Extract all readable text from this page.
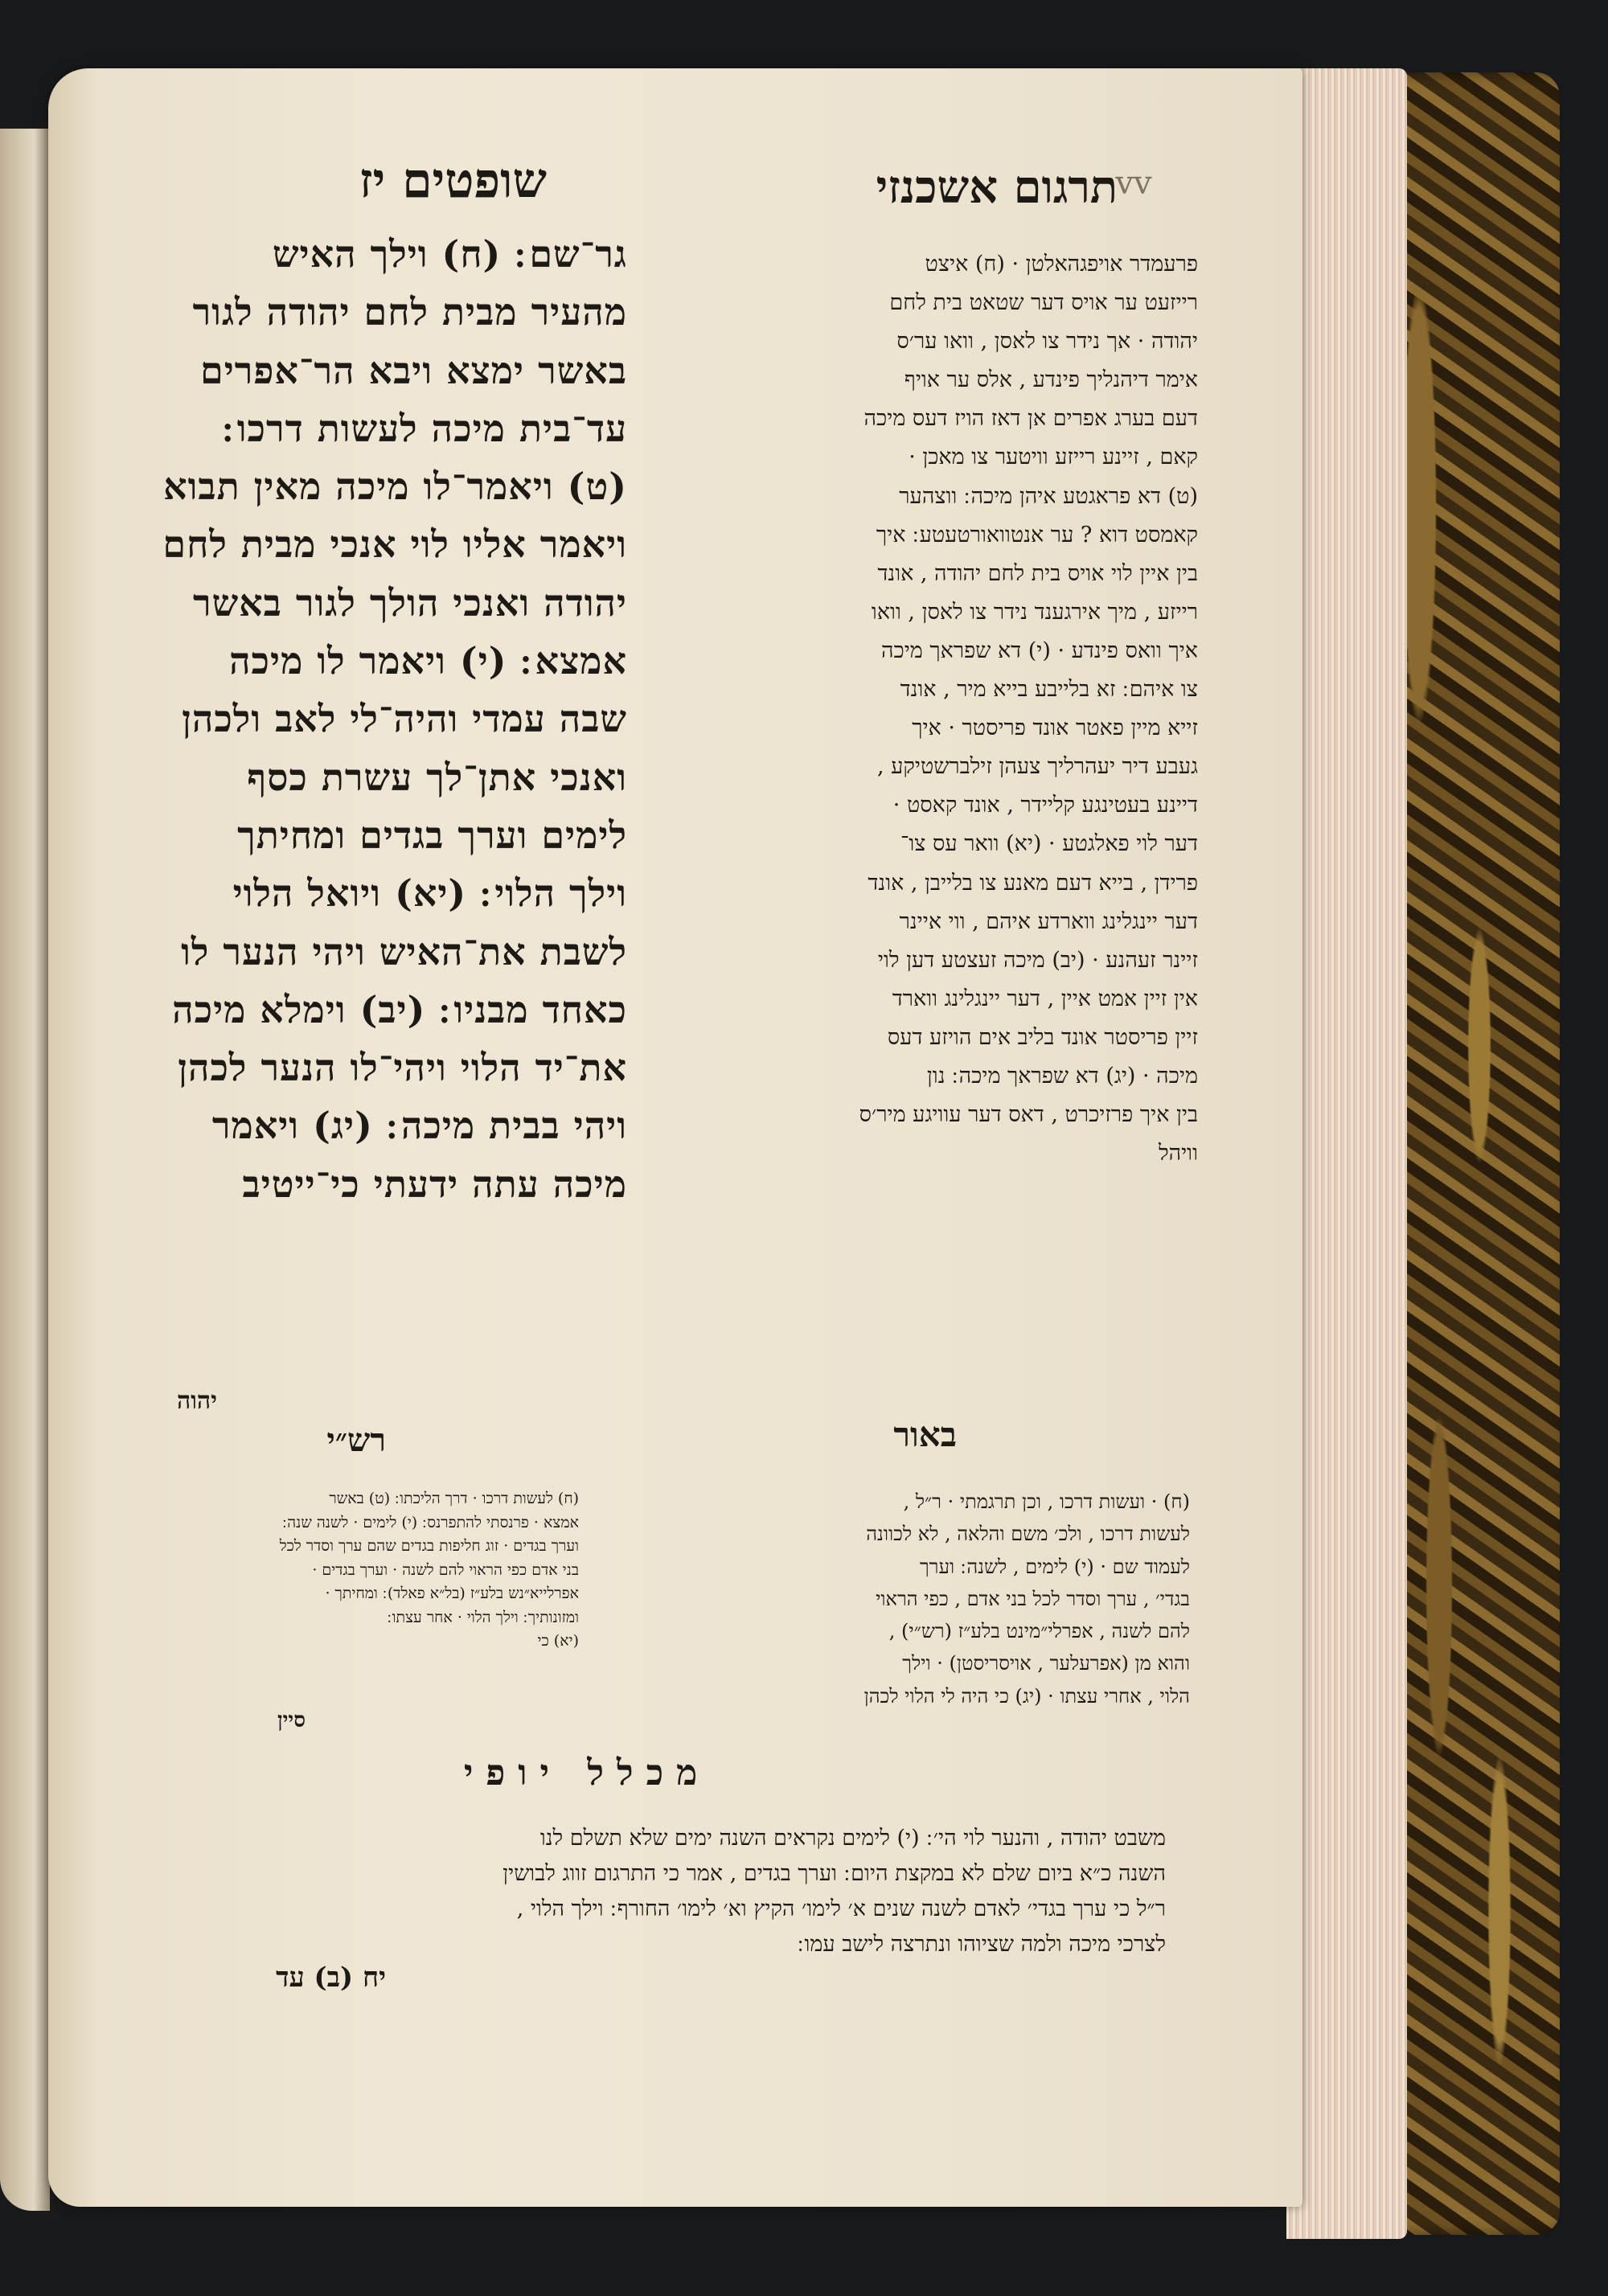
תרגום אשכנזי
שופטים יז	vv
גר־שם ׃ (ח) וילך האיש
מהעיר מבית לחם יהודה לגור
באשר ימצא ויבא הר־אפרים
עד־בית מיכה לעשות דרכו ׃
(ט) ויאמר־לו מיכה מאין תבוא
ויאמר אליו לוי אנכי מבית לחם
יהודה ואנכי הולך לגור באשר
אמצא ׃ (י) ויאמר לו מיכה
שבה עמדי והיה־לי לאב ולכהן
ואנכי אתן־לך עשרת כסף
לימים וערך בגדים ומחיתך
וילך הלוי ׃ (יא) ויואל הלוי
לשבת את־האיש ויהי הנער לו
כאחד מבניו ׃ (יב) וימלא מיכה
את־יד הלוי ויהי־לו הנער לכהן
ויהי בבית מיכה ׃ (יג) ויאמר
מיכה עתה ידעתי כי־ייטיב
יהוה
פרעמדר אויפגהאלטן · (ח) איצט
רייזעט ער אויס דער שטאט בית לחם
יהודה · אך נידר צו לאסן , וואו ער׳ס
אימר דיהנליך פינדע , אלס ער אויף
דעם בערג אפרים אן דאז הויז דעס מיכה
קאם , זיינע רייזע וויטער צו מאכן ·
(ט) דא פראגטע איהן מיכה ׃ ווצהער
קאמסט דוא ? ער אנטוואורטעטע ׃ איך
בין איין לוי אויס בית לחם יהודה , אונד
רייזע , מיך אירגענד נידר צו לאסן , וואו
איך וואס פינדע · (י) דא שפראך מיכה
צו איהם ׃ זא בלייבע בייא מיר , אונד
זייא מיין פאטר אונד פריסטר · איך
געבע דיר יעהרליך צעהן זילברשטיקע ,
דיינע בעטינגע קליידר , אונד קאסט ·
דער לוי פאלגטע · (יא) וואר עס צו־
פרידן , בייא דעם מאנע צו בלייבן , אונד
דער יינגלינג ווארדע איהם , ווי איינר
זיינר זעהנע · (יב) מיכה זעצטע דען לוי
אין זיין אמט איין , דער יינגלינג ווארד
זיין פריסטר אונד בליב אים הויזע דעס
מיכה · (יג) דא שפראך מיכה ׃ נון
בין איך פרזיכרט , דאס דער עוויגע מיר׳ס
וויהל
רש״י	באור
(ח) לעשות דרכו · דרך הליכתו ׃ (ט) באשר
אמצא · פרנסתי להתפרנס ׃ (י) לימים · לשנה שנה ׃
וערך בגדים · זוג חליפות בגדים שהם ערך וסדר לכל
בני אדם כפי הראוי להם לשנה · וערך בגדים ·
אפרלייא״נש בלע״ז (בל״א פאלד) ׃ ומחיתך ·
ומזונותיך ׃ וילך הלוי · אחר עצתו ׃
(יא) כי
סיין
(ח) · ועשות דרכו , וכן תרגמתי · ר״ל ,
לעשות דרכו , ולכ׳ משם והלאה , לא לכוונה
לעמוד שם · (י) לימים , לשנה ׃ וערך
בגדי׳ , ערך וסדר לכל בני אדם , כפי הראוי
להם לשנה , אפרלי״מינט בלע״ז (רש״י) ,
והוא מן (אפרעלער , אויסריסטן) · וילך
הלוי , אחרי עצתו · (יג) כי היה לי הלוי לכהן
מכלל יופי
משבט יהודה , והנער לוי הי׳ ׃ (י) לימים נקראים השנה ימים שלא תשלם לנו
השנה כ״א ביום שלם לא במקצת היום ׃ וערך בגדים , אמר כי התרגום זווג לבושין
ר״ל כי ערך בגדי׳ לאדם לשנה שנים א׳ לימו׳ הקיץ וא׳ לימו׳ החורף ׃ וילך הלוי ,
לצרכי מיכה ולמה שציוהו ונתרצה לישב עמו ׃
יח (ב) עד
